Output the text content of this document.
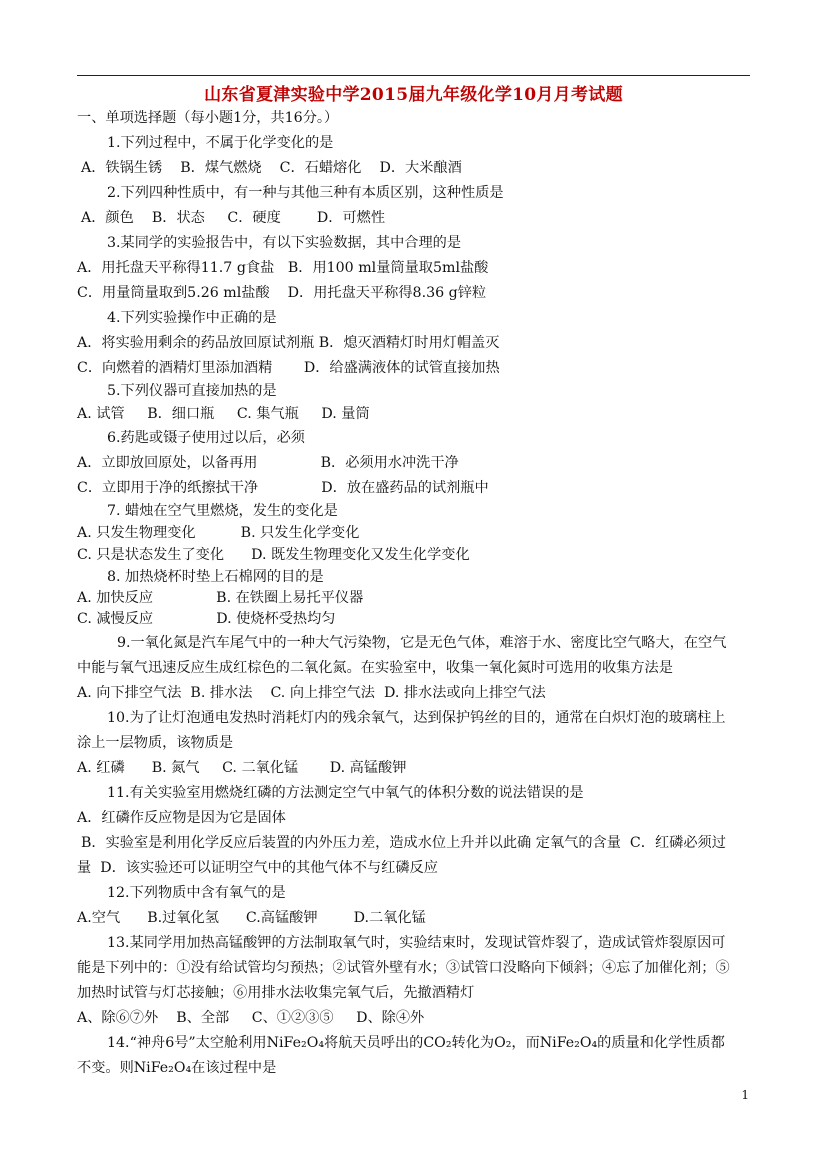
山东省夏津实验中学2015届九年级化学10月月考试题
一、单项选择题（每小题1分，共16分。）
1.下列过程中，不属于化学变化的是
A．铁锅生锈    B．煤气燃烧    C．石蜡熔化    D．大米酿酒
2.下列四种性质中，有一种与其他三种有本质区别，这种性质是
A．颜色    B．状态     C．硬度        D．可燃性
3.某同学的实验报告中，有以下实验数据，其中合理的是
A．用托盘天平称得11.7 g食盐   B．用100 ml量筒量取5ml盐酸
C．用量筒量取到5.26 ml盐酸    D．用托盘天平称得8.36 g锌粒
4.下列实验操作中正确的是
A．将实验用剩余的药品放回原试剂瓶 B．熄灭酒精灯时用灯帽盖灭
C．向燃着的酒精灯里添加酒精       D．给盛满液体的试管直接加热
5.下列仪器可直接加热的是
A. 试管     B．细口瓶     C. 集气瓶     D. 量筒
6.药匙或镊子使用过以后，必须
A．立即放回原处，以备再用              B．必须用水冲洗干净
C．立即用于净的纸擦拭干净              D．放在盛药品的试剂瓶中
7. 蜡烛在空气里燃烧，发生的变化是
A. 只发生物理变化          B. 只发生化学变化
C. 只是状态发生了变化      D. 既发生物理变化又发生化学变化
8. 加热烧杯时垫上石棉网的目的是
A. 加快反应              B. 在铁圈上易托平仪器
C. 减慢反应              D. 使烧杯受热均匀
9.一氧化氮是汽车尾气中的一种大气污染物，它是无色气体，难溶于水、密度比空气略大，在空气
中能与氧气迅速反应生成红棕色的二氧化氮。在实验室中，收集一氧化氮时可选用的收集方法是
A. 向下排空气法  B. 排水法    C. 向上排空气法  D. 排水法或向上排空气法
10.为了让灯泡通电发热时消耗灯内的残余氧气，达到保护钨丝的目的，通常在白炽灯泡的玻璃柱上
涂上一层物质，该物质是
A. 红磷      B. 氮气     C. 二氧化锰       D. 高锰酸钾
11.有关实验室用燃烧红磷的方法测定空气中氧气的体积分数的说法错误的是
A．红磷作反应物是因为它是固体
B．实验室是利用化学反应后装置的内外压力差，造成水位上升并以此确 定氧气的含量  C．红磷必须过
量  D．该实验还可以证明空气中的其他气体不与红磷反应
12.下列物质中含有氧气的是
A.空气      B.过氧化氢      C.高锰酸钾        D.二氧化锰
13.某同学用加热高锰酸钾的方法制取氧气时，实验结束时，发现试管炸裂了，造成试管炸裂原因可
能是下列中的：①没有给试管均匀预热；②试管外壁有水；③试管口没略向下倾斜；④忘了加催化剂；⑤
加热时试管与灯芯接触；⑥用排水法收集完氧气后，先撤酒精灯
A、除⑥⑦外    B、全部     C、①②③⑤     D、除④外
14.“神舟6号”太空舱利用NiFe₂O₄将航天员呼出的CO₂转化为O₂，而NiFe₂O₄的质量和化学性质都
不变。则NiFe₂O₄在该过程中是
1
